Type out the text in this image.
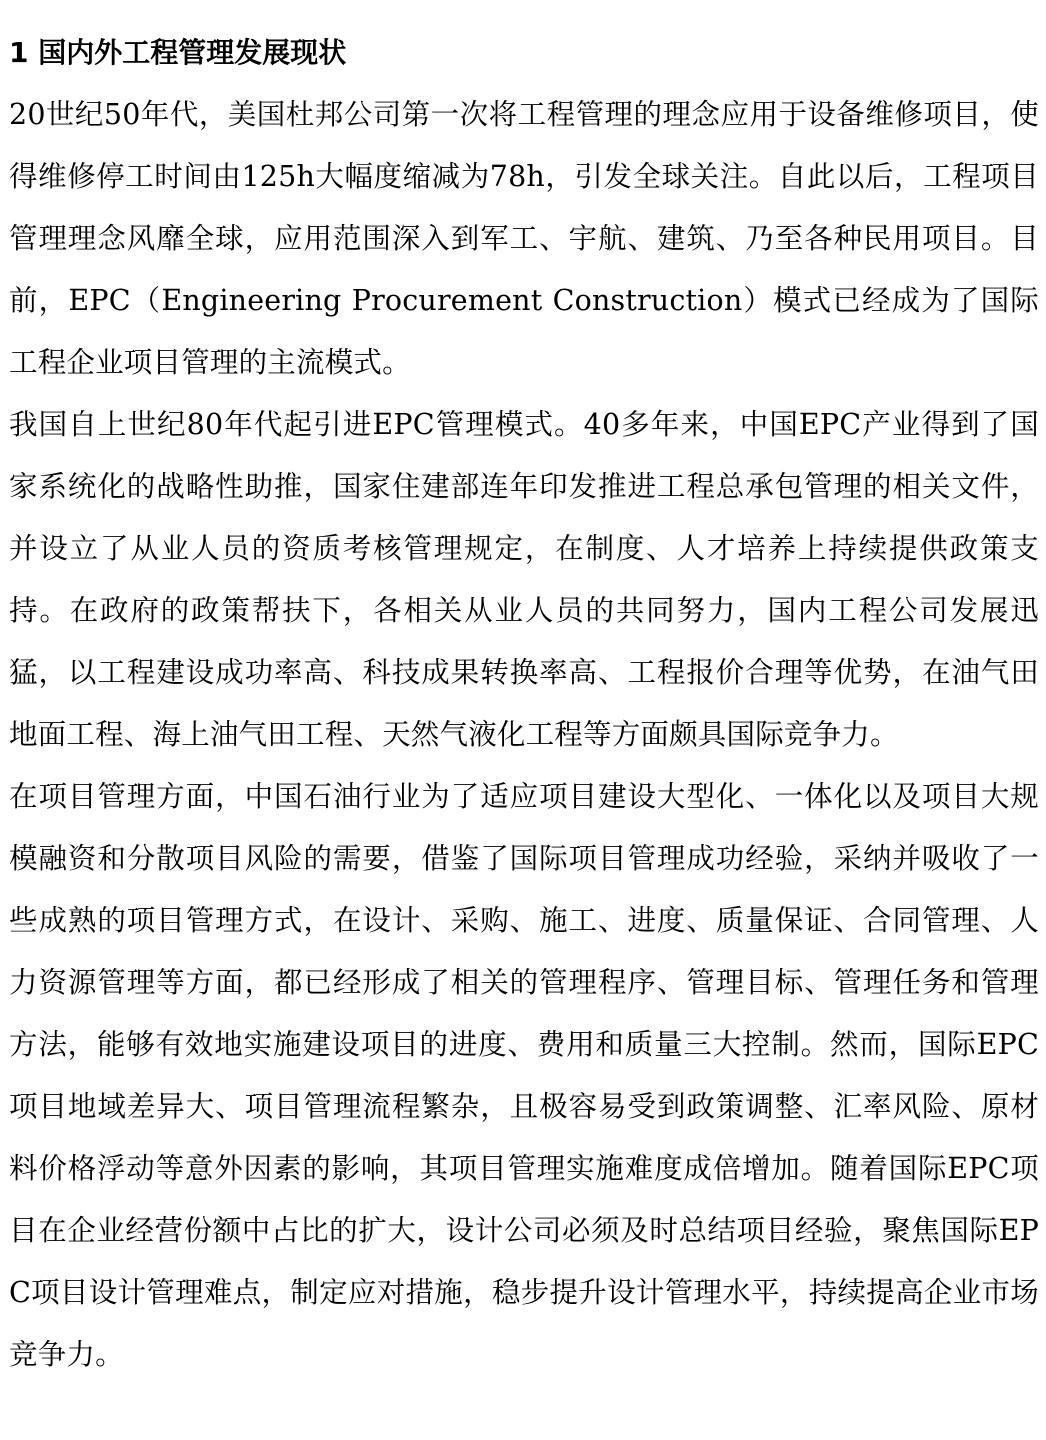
1 国内外工程管理发展现状

20世纪50年代，美国杜邦公司第一次将工程管理的理念应用于设备维修项目，使得维修停工时间由125h大幅度缩减为78h，引发全球关注。自此以后，工程项目管理理念风靡全球，应用范围深入到军工、宇航、建筑、乃至各种民用项目。目前，EPC（Engineering Procurement Construction）模式已经成为了国际工程企业项目管理的主流模式。

我国自上世纪80年代起引进EPC管理模式。40多年来，中国EPC产业得到了国家系统化的战略性助推，国家住建部连年印发推进工程总承包管理的相关文件，并设立了从业人员的资质考核管理规定，在制度、人才培养上持续提供政策支持。在政府的政策帮扶下，各相关从业人员的共同努力，国内工程公司发展迅猛，以工程建设成功率高、科技成果转换率高、工程报价合理等优势，在油气田地面工程、海上油气田工程、天然气液化工程等方面颇具国际竞争力。

在项目管理方面，中国石油行业为了适应项目建设大型化、一体化以及项目大规模融资和分散项目风险的需要，借鉴了国际项目管理成功经验，采纳并吸收了一些成熟的项目管理方式，在设计、采购、施工、进度、质量保证、合同管理、人力资源管理等方面，都已经形成了相关的管理程序、管理目标、管理任务和管理方法，能够有效地实施建设项目的进度、费用和质量三大控制。然而，国际EPC项目地域差异大、项目管理流程繁杂，且极容易受到政策调整、汇率风险、原材料价格浮动等意外因素的影响，其项目管理实施难度成倍增加。随着国际EPC项目在企业经营份额中占比的扩大，设计公司必须及时总结项目经验，聚焦国际EPC项目设计管理难点，制定应对措施，稳步提升设计管理水平，持续提高企业市场竞争力。
